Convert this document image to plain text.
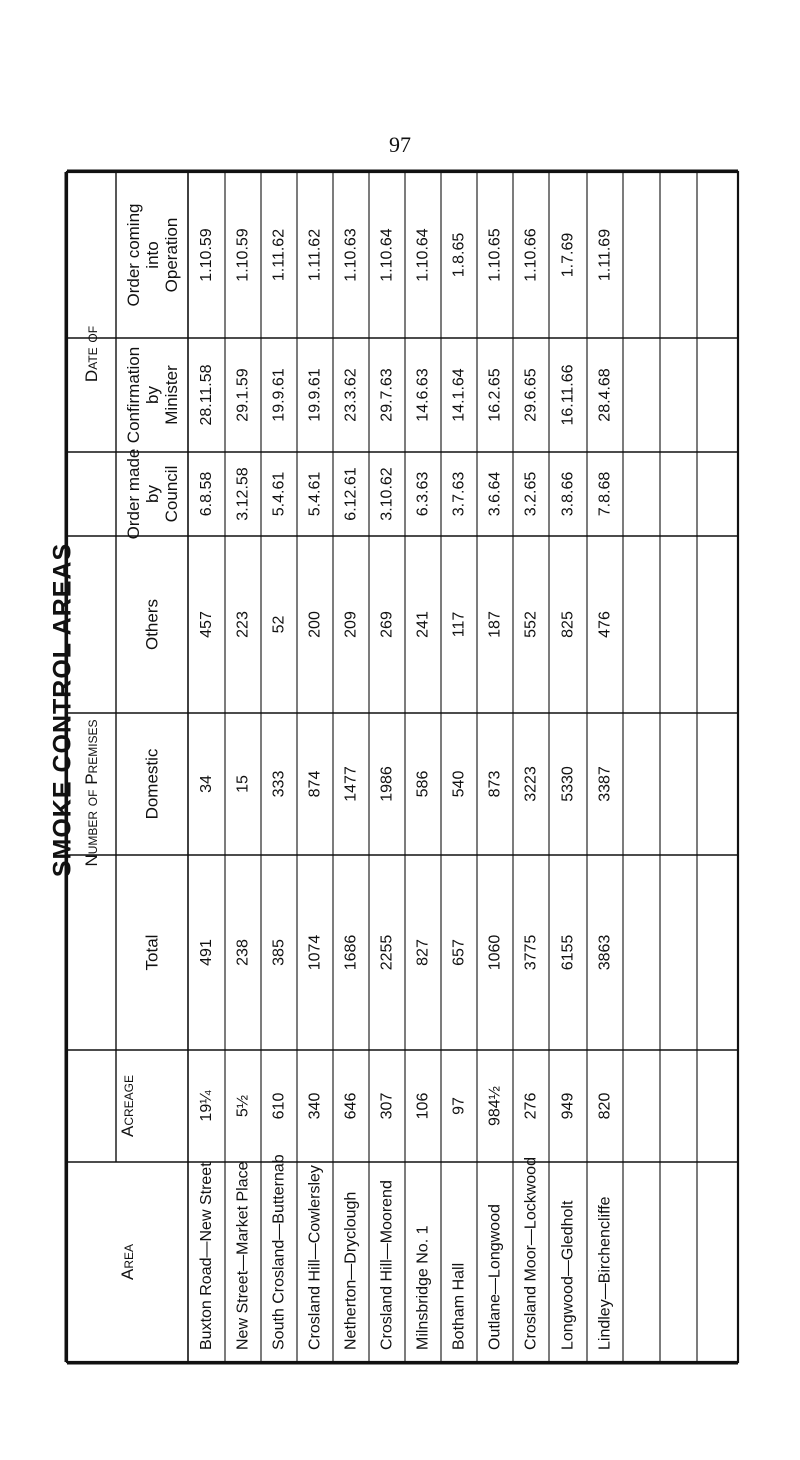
97
SMOKE CONTROL AREAS
Date of
Number of Premises
Acreage
Area
Order comingintoOperation
ConfirmationbyMinister
Order madebyCouncil
Others
Domestic
Total
1.10.59
28.11.58
6.8.58
457
34
491
19¼
Buxton Road—New Street
1.10.59
29.1.59
3.12.58
223
15
238
5½
New Street—Market Place
1.11.62
19.9.61
5.4.61
52
333
385
610
South Crosland—Butternab
1.11.62
19.9.61
5.4.61
200
874
1074
340
Crosland Hill—Cowlersley
1.10.63
23.3.62
6.12.61
209
1477
1686
646
Netherton—Dryclough
1.10.64
29.7.63
3.10.62
269
1986
2255
307
Crosland Hill—Moorend
1.10.64
14.6.63
6.3.63
241
586
827
106
Milnsbridge No. 1
1.8.65
14.1.64
3.7.63
117
540
657
97
Botham Hall
1.10.65
16.2.65
3.6.64
187
873
1060
984½
Outlane—Longwood
1.10.66
29.6.65
3.2.65
552
3223
3775
276
Crosland Moor—Lockwood
1.7.69
16.11.66
3.8.66
825
5330
6155
949
Longwood—Gledholt
1.11.69
28.4.68
7.8.68
476
3387
3863
820
Lindley—Birchencliffe
